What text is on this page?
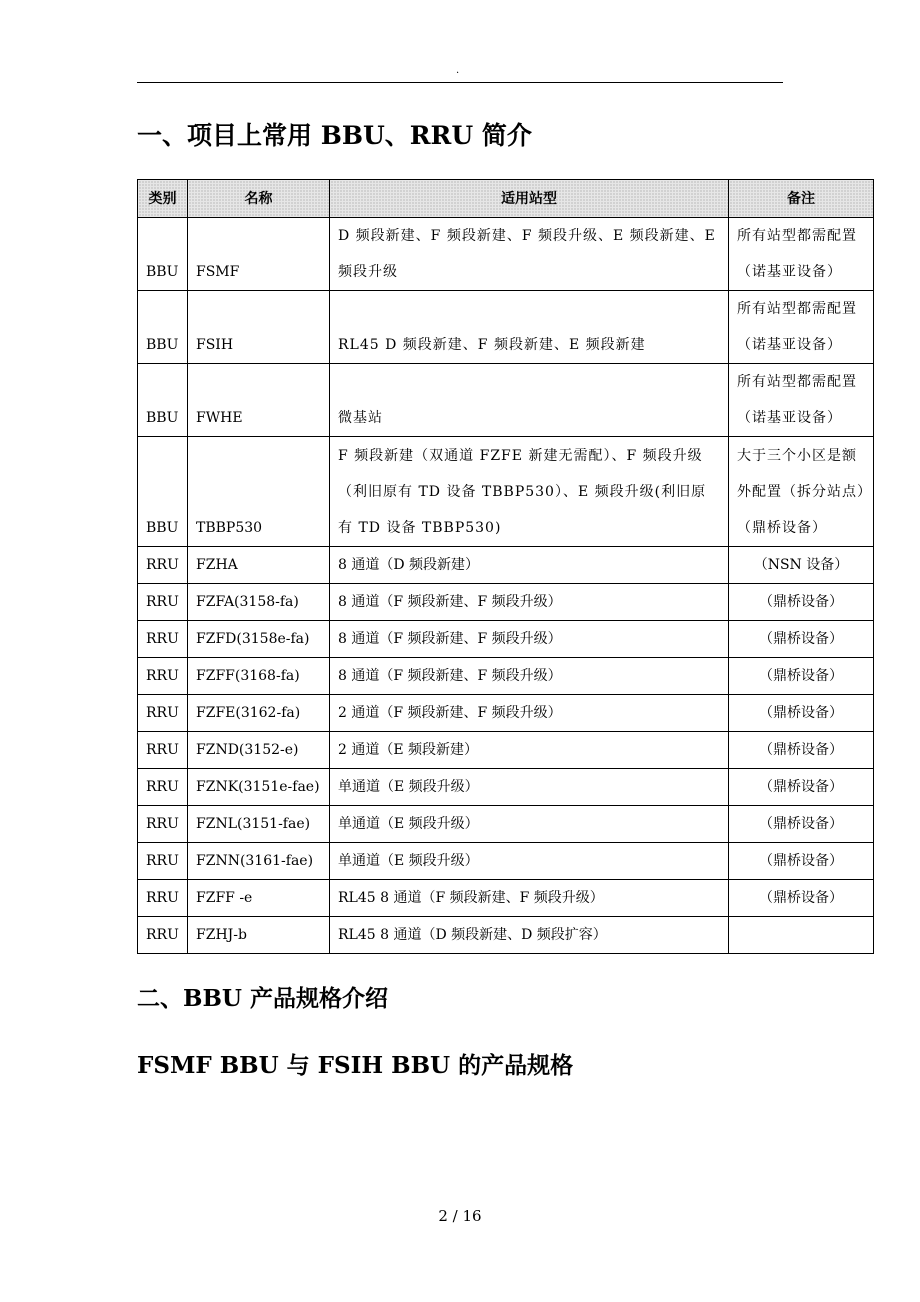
.
一、项目上常用 BBU、RRU 简介
类别	名称	适用站型	备注
BBU	FSMF	D 频段新建、F 频段新建、F 频段升级、E 频段新建、E 频段升级	所有站型都需配置（诺基亚设备）
BBU	FSIH	RL45 D 频段新建、F 频段新建、E 频段新建	所有站型都需配置（诺基亚设备）
BBU	FWHE	微基站	所有站型都需配置（诺基亚设备）
BBU	TBBP530	F 频段新建（双通道 FZFE 新建无需配）、F 频段升级（利旧原有 TD 设备 TBBP530）、E 频段升级(利旧原有 TD 设备 TBBP530)	大于三个小区是额外配置（拆分站点）（鼎桥设备）
RRU	FZHA	8 通道（D 频段新建）	（NSN 设备）
RRU	FZFA(3158-fa)	8 通道（F 频段新建、F 频段升级）	（鼎桥设备）
RRU	FZFD(3158e-fa)	8 通道（F 频段新建、F 频段升级）	（鼎桥设备）
RRU	FZFF(3168-fa)	8 通道（F 频段新建、F 频段升级）	（鼎桥设备）
RRU	FZFE(3162-fa)	2 通道（F 频段新建、F 频段升级）	（鼎桥设备）
RRU	FZND(3152-e)	2 通道（E 频段新建）	（鼎桥设备）
RRU	FZNK(3151e-fae)	单通道（E 频段升级）	（鼎桥设备）
RRU	FZNL(3151-fae)	单通道（E 频段升级）	（鼎桥设备）
RRU	FZNN(3161-fae)	单通道（E 频段升级）	（鼎桥设备）
RRU	FZFF -e	RL45 8 通道（F 频段新建、F 频段升级）	（鼎桥设备）
RRU	FZHJ-b	RL45 8 通道（D 频段新建、D 频段扩容）	
二、BBU 产品规格介绍
FSMF BBU 与 FSIH BBU 的产品规格
2 / 16
